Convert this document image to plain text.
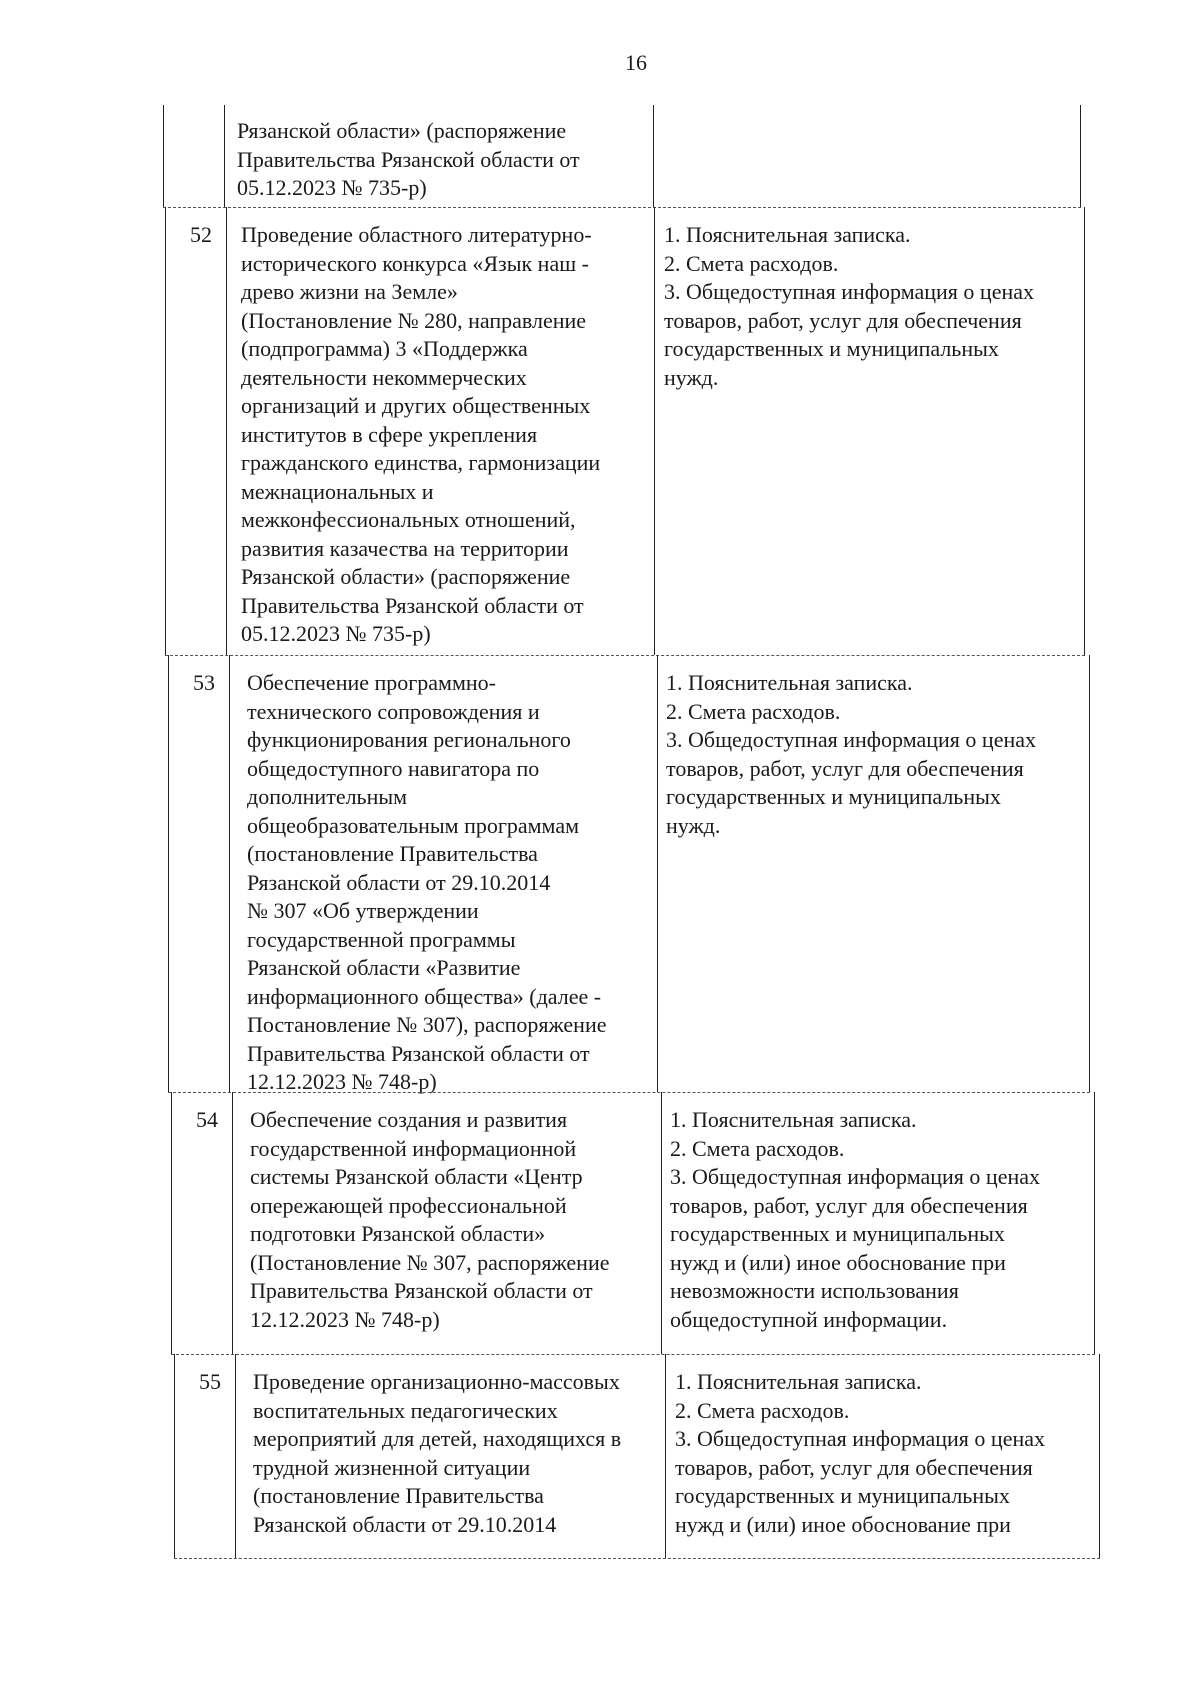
16
Рязанской области» (распоряжение
Правительства Рязанской области от
05.12.2023 № 735-р)
52 Проведение областного литературно-
исторического конкурса «Язык наш -
древо жизни на Земле»
(Постановление № 280, направление
(подпрограмма) 3 «Поддержка
деятельности некоммерческих
организаций и других общественных
институтов в сфере укрепления
гражданского единства, гармонизации
межнациональных и
межконфессиональных отношений,
развития казачества на территории
Рязанской области» (распоряжение
Правительства Рязанской области от
05.12.2023 № 735-р)
1. Пояснительная записка.
2. Смета расходов.
3. Общедоступная информация о ценах
товаров, работ, услуг для обеспечения
государственных и муниципальных
нужд.
53 Обеспечение программно-
технического сопровождения и
функционирования регионального
общедоступного навигатора по
дополнительным
общеобразовательным программам
(постановление Правительства
Рязанской области от 29.10.2014
№ 307 «Об утверждении
государственной программы
Рязанской области «Развитие
информационного общества» (далее -
Постановление № 307), распоряжение
Правительства Рязанской области от
12.12.2023 № 748-р)
1. Пояснительная записка.
2. Смета расходов.
3. Общедоступная информация о ценах
товаров, работ, услуг для обеспечения
государственных и муниципальных
нужд.
54 Обеспечение создания и развития
государственной информационной
системы Рязанской области «Центр
опережающей профессиональной
подготовки Рязанской области»
(Постановление № 307, распоряжение
Правительства Рязанской области от
12.12.2023 № 748-р)
1. Пояснительная записка.
2. Смета расходов.
3. Общедоступная информация о ценах
товаров, работ, услуг для обеспечения
государственных и муниципальных
нужд и (или) иное обоснование при
невозможности использования
общедоступной информации.
55 Проведение организационно-массовых
воспитательных педагогических
мероприятий для детей, находящихся в
трудной жизненной ситуации
(постановление Правительства
Рязанской области от 29.10.2014
1. Пояснительная записка.
2. Смета расходов.
3. Общедоступная информация о ценах
товаров, работ, услуг для обеспечения
государственных и муниципальных
нужд и (или) иное обоснование при
